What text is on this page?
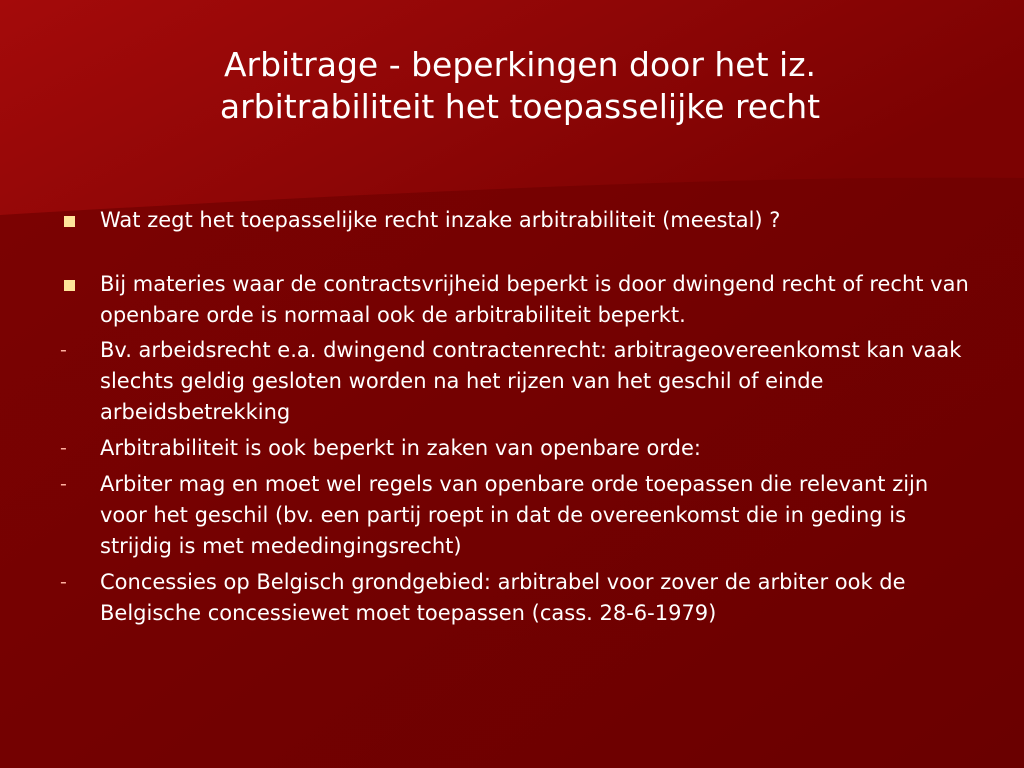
Arbitrage - beperkingen door het iz. arbitrabiliteit het toepasselijke recht
Wat zegt het toepasselijke recht inzake arbitrabiliteit (meestal) ?
Bij materies waar de contractsvrijheid beperkt is door dwingend recht of recht van openbare orde is normaal ook de arbitrabiliteit beperkt.
- Bv. arbeidsrecht e.a. dwingend contractenrecht: arbitrageovereenkomst kan vaak slechts geldig gesloten worden na het rijzen van het geschil of einde arbeidsbetrekking
- Arbitrabiliteit is ook beperkt in zaken van openbare orde:
- Arbiter mag en moet wel regels van openbare orde toepassen die relevant zijn voor het geschil (bv. een partij roept in dat de overeenkomst die in geding is strijdig is met mededingingsrecht)
- Concessies op Belgisch grondgebied: arbitrabel voor zover de arbiter ook de Belgische concessiewet moet toepassen (cass. 28-6-1979)
